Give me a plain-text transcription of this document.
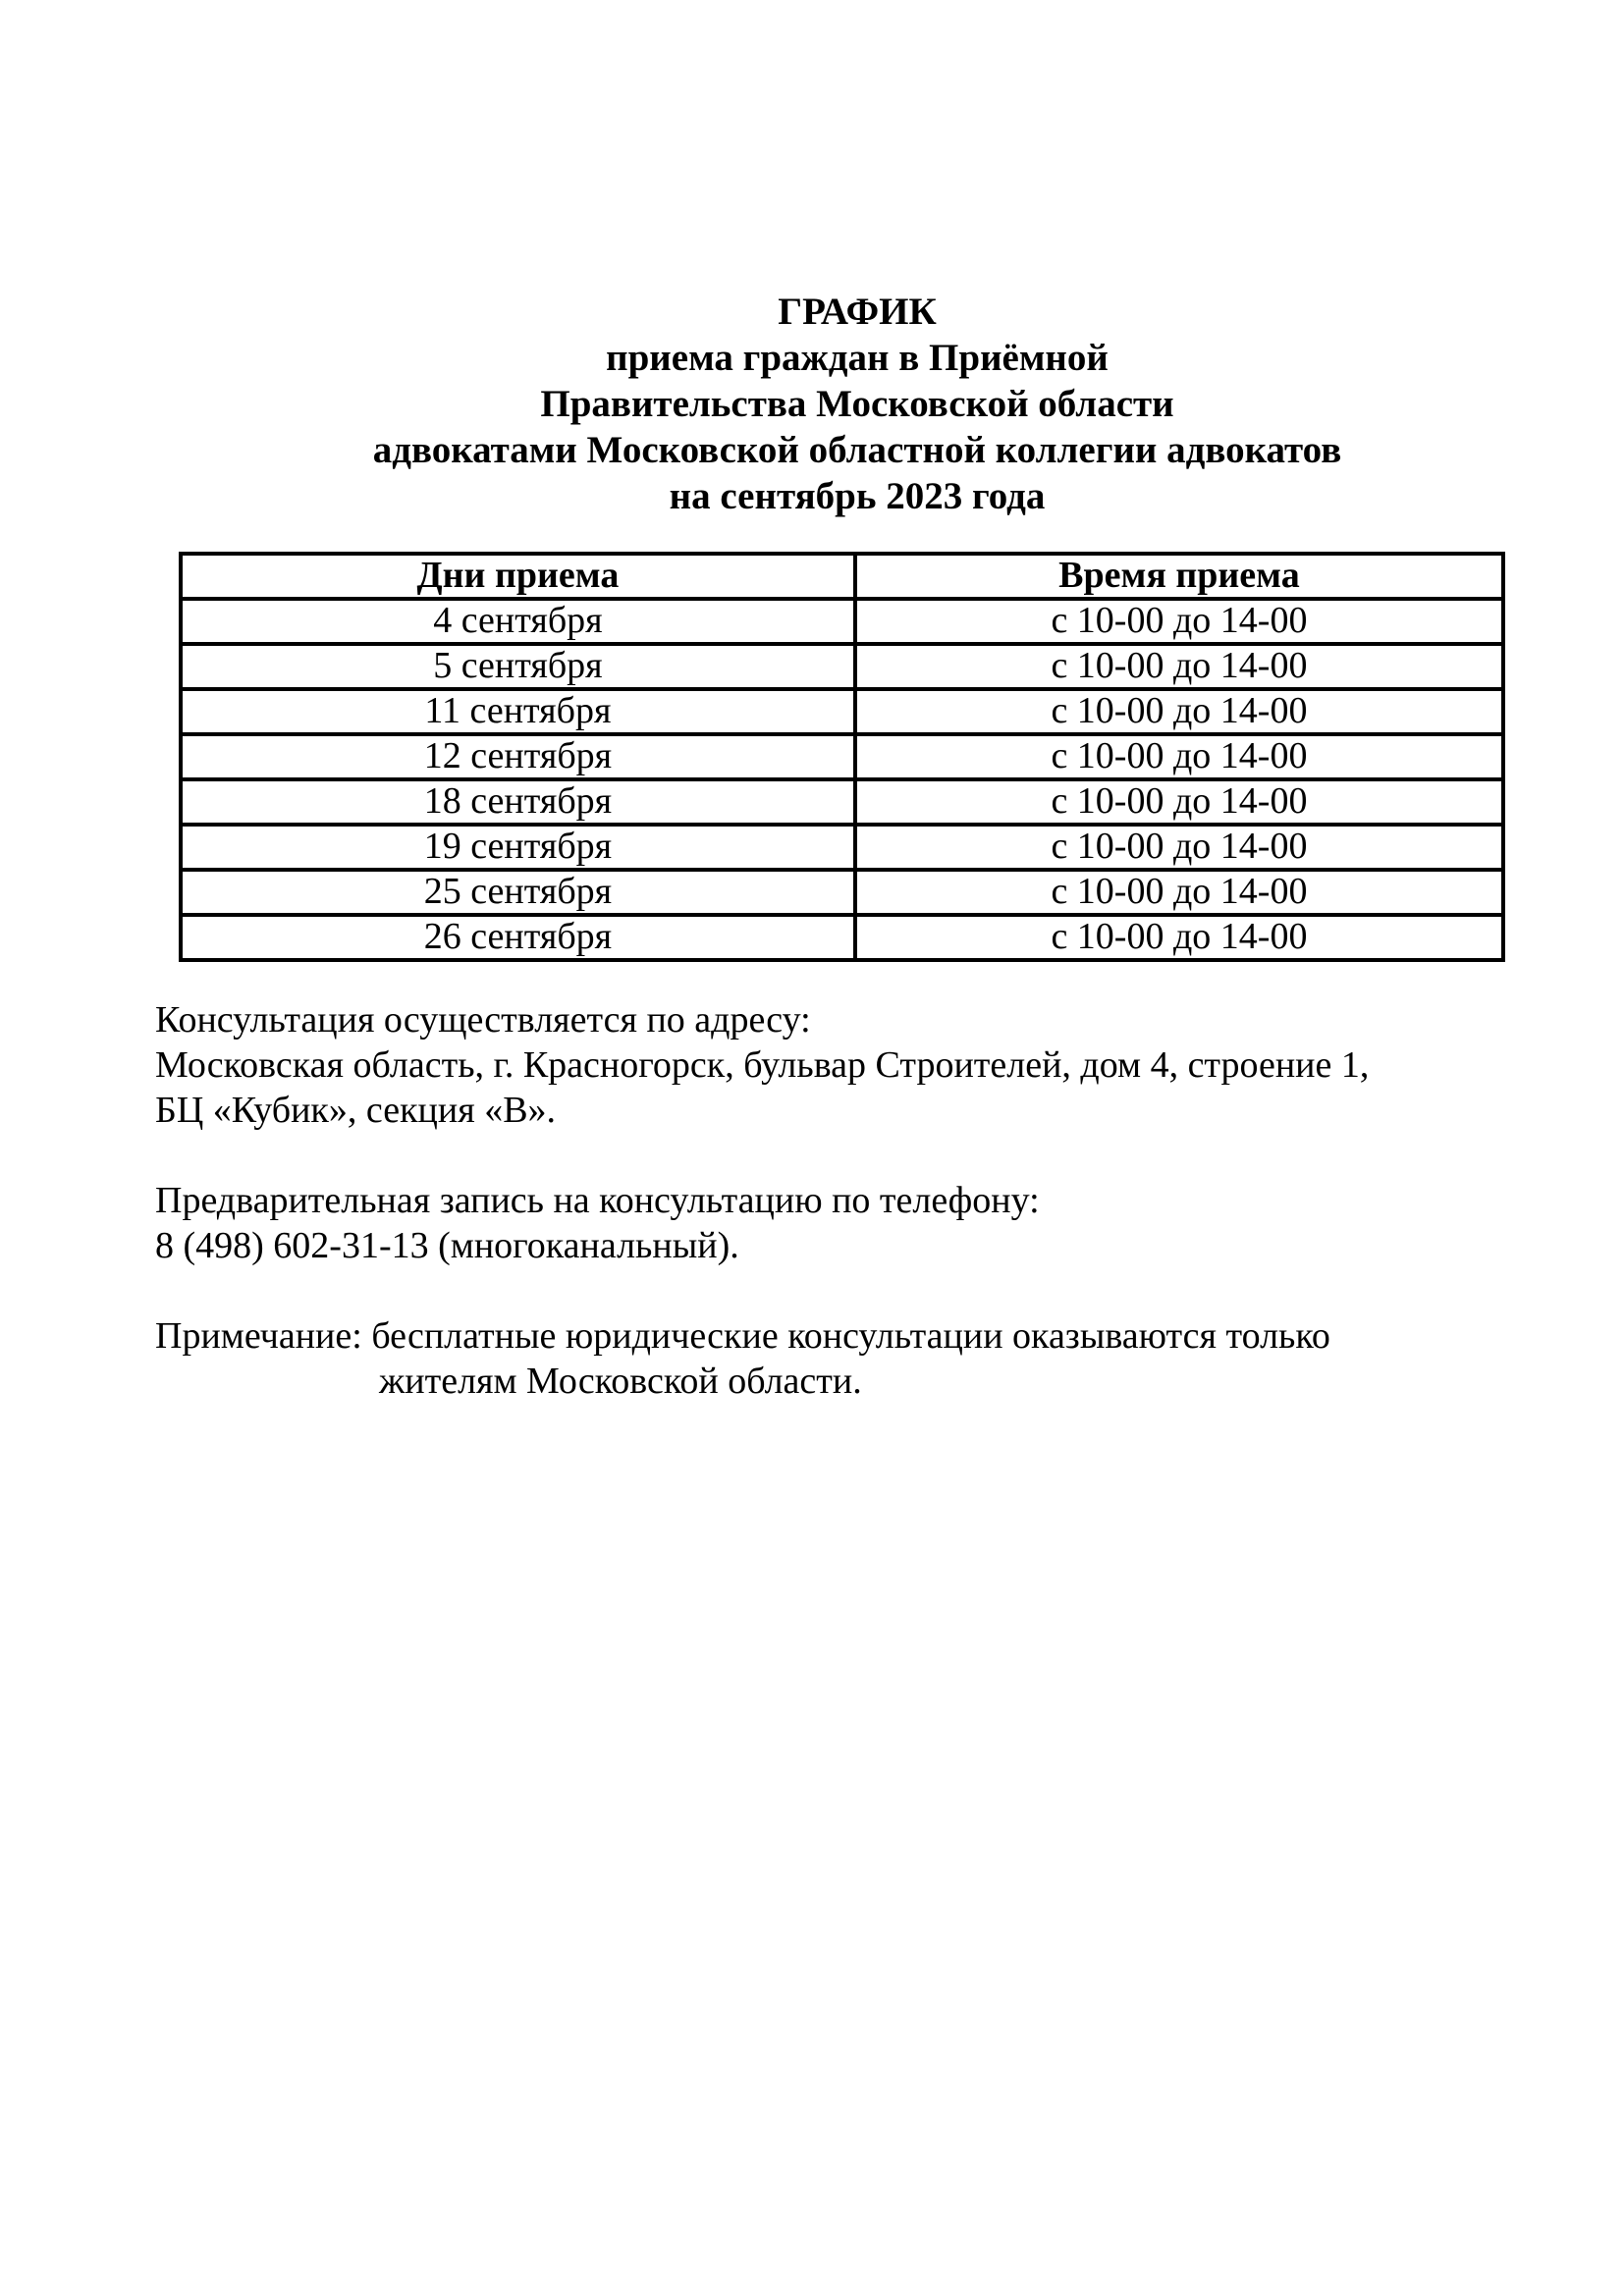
ГРАФИК
приема граждан в Приёмной
Правительства Московской области
адвокатами Московской областной коллегии адвокатов
на сентябрь 2023 года
Дни приема	Время приема
4 сентября	с 10-00 до 14-00
5 сентября	с 10-00 до 14-00
11 сентября	с 10-00 до 14-00
12 сентября	с 10-00 до 14-00
18 сентября	с 10-00 до 14-00
19 сентября	с 10-00 до 14-00
25 сентября	с 10-00 до 14-00
26 сентября	с 10-00 до 14-00
Консультация осуществляется по адресу:
Московская область, г. Красногорск, бульвар Строителей, дом 4, строение 1,
БЦ «Кубик», секция «В».
Предварительная запись на консультацию по телефону:
8 (498) 602-31-13 (многоканальный).
Примечание: бесплатные юридические консультации оказываются только
жителям Московской области.
